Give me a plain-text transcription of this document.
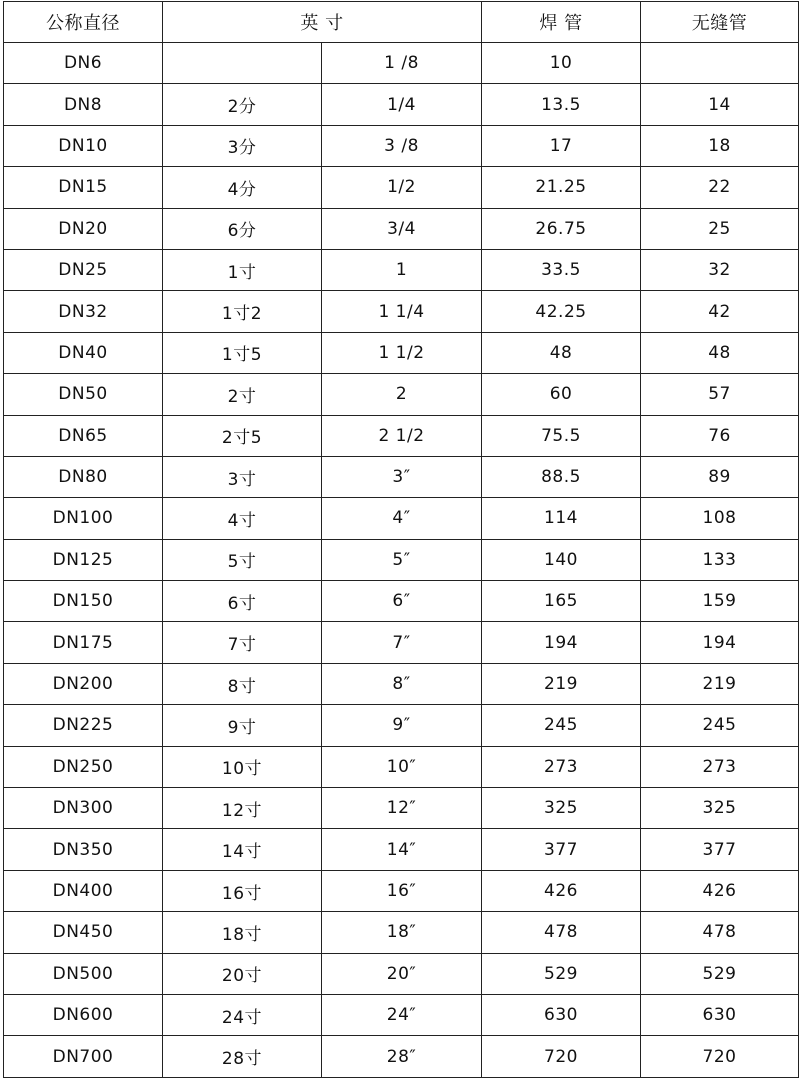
公称直径	英 寸		焊 管	无缝管
DN6		1 /8	10	
DN8	2分	1/4	13.5	14
DN10	3分	3 /8	17	18
DN15	4分	1/2	21.25	22
DN20	6分	3/4	26.75	25
DN25	1寸	1	33.5	32
DN32	1寸2	1 1/4	42.25	42
DN40	1寸5	1 1/2	48	48
DN50	2寸	2	60	57
DN65	2寸5	2 1/2	75.5	76
DN80	3寸	3″	88.5	89
DN100	4寸	4″	114	108
DN125	5寸	5″	140	133
DN150	6寸	6″	165	159
DN175	7寸	7″	194	194
DN200	8寸	8″	219	219
DN225	9寸	9″	245	245
DN250	10寸	10″	273	273
DN300	12寸	12″	325	325
DN350	14寸	14″	377	377
DN400	16寸	16″	426	426
DN450	18寸	18″	478	478
DN500	20寸	20″	529	529
DN600	24寸	24″	630	630
DN700	28寸	28″	720	720
